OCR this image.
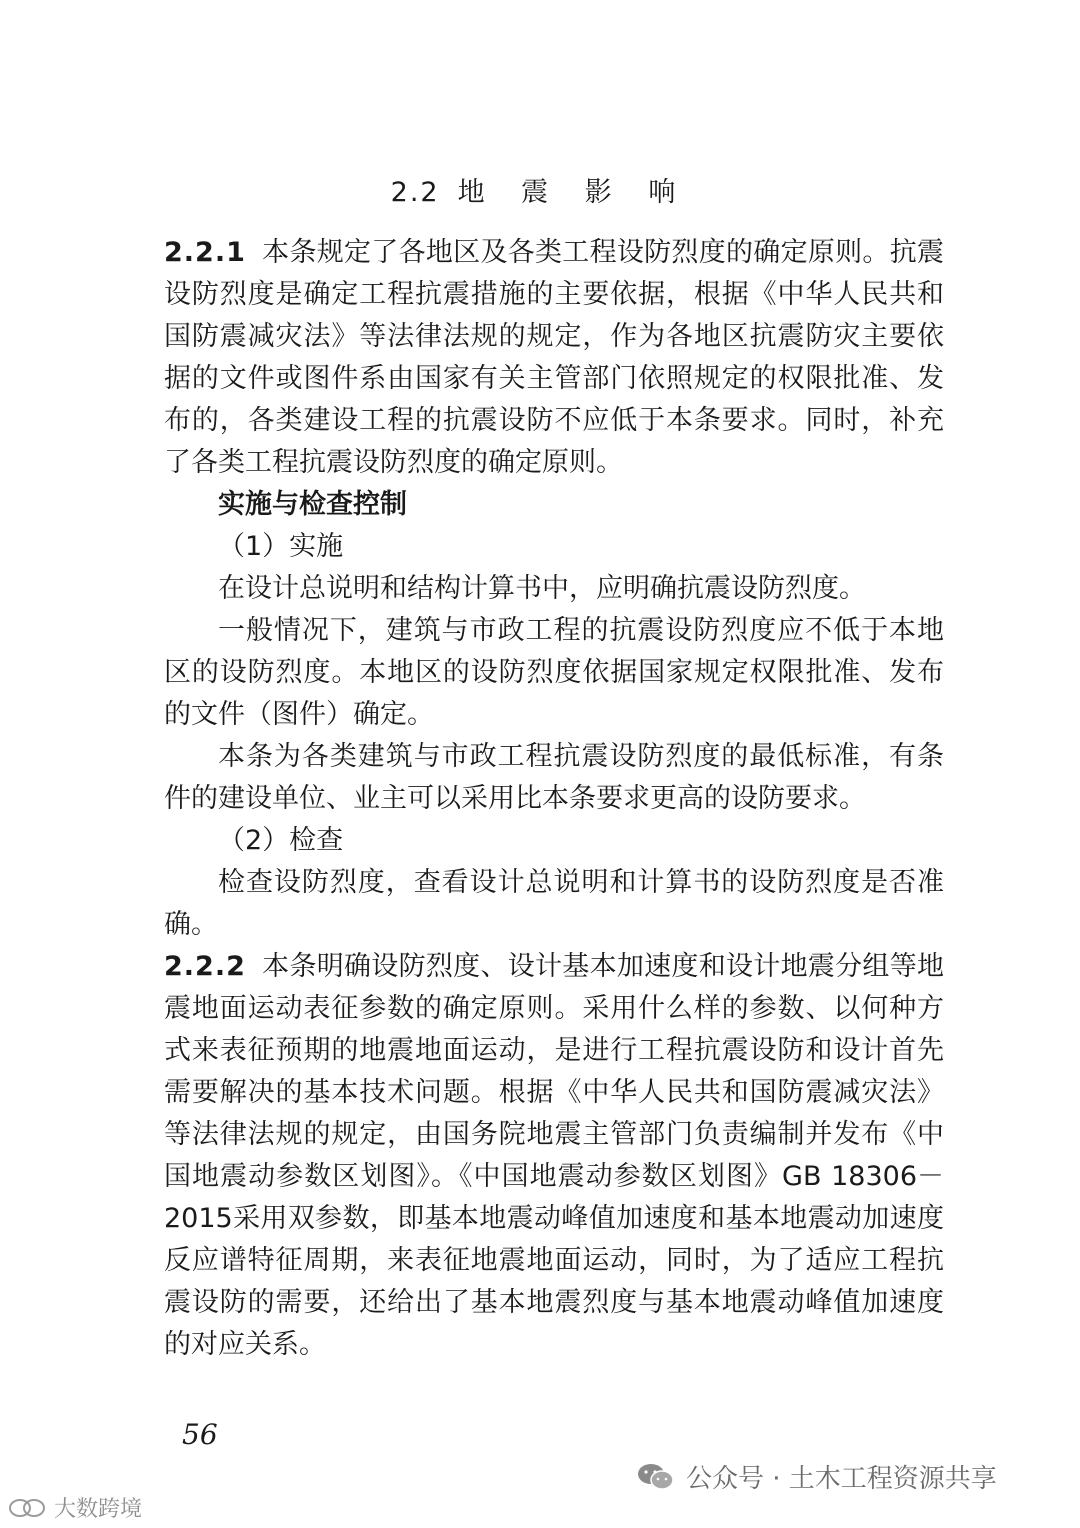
2.2 地 震 影 响

2.2.1 本条规定了各地区及各类工程设防烈度的确定原则。抗震设防烈度是确定工程抗震措施的主要依据，根据《中华人民共和国防震减灾法》等法律法规的规定，作为各地区抗震防灾主要依据的文件或图件系由国家有关主管部门依照规定的权限批准、发布的，各类建设工程的抗震设防不应低于本条要求。同时，补充了各类工程抗震设防烈度的确定原则。

实施与检查控制

（1）实施

在设计总说明和结构计算书中，应明确抗震设防烈度。

一般情况下，建筑与市政工程的抗震设防烈度应不低于本地区的设防烈度。本地区的设防烈度依据国家规定权限批准、发布的文件（图件）确定。

本条为各类建筑与市政工程抗震设防烈度的最低标准，有条件的建设单位、业主可以采用比本条要求更高的设防要求。

（2）检查

检查设防烈度，查看设计总说明和计算书的设防烈度是否准确。

2.2.2 本条明确设防烈度、设计基本加速度和设计地震分组等地震地面运动表征参数的确定原则。采用什么样的参数、以何种方式来表征预期的地震地面运动，是进行工程抗震设防和设计首先需要解决的基本技术问题。根据《中华人民共和国防震减灾法》等法律法规的规定，由国务院地震主管部门负责编制并发布《中国地震动参数区划图》。《中国地震动参数区划图》GB 18306－2015采用双参数，即基本地震动峰值加速度和基本地震动加速度反应谱特征周期，来表征地震地面运动，同时，为了适应工程抗震设防的需要，还给出了基本地震烈度与基本地震动峰值加速度的对应关系。

56
公众号 · 土木工程资源共享
大数跨境
